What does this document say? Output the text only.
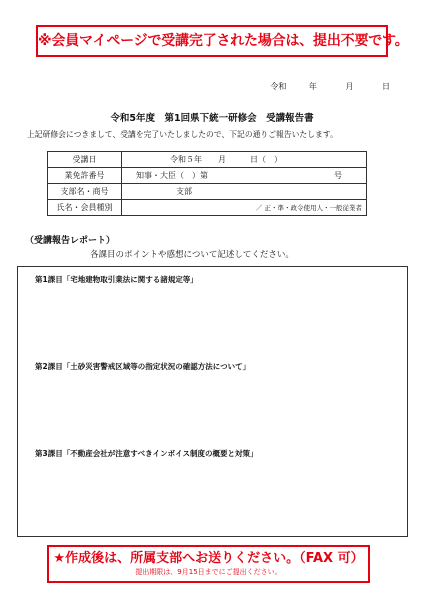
※会員マイページで受講完了された場合は、提出不要です。
令和	年	月	日
令和5年度　第1回県下統一研修会　受講報告書
上記研修会につきまして、受講を完了いたしましたので、下記の通りご報告いたします。
受講日	令和５年　　月　　　日（　）
業免許番号	知事・大臣（　）第 号

支部名・商号	支部
氏名・会員種別	／ 正・準・政令使用人・一般従業者
（受講報告レポート）
各課目のポイントや感想について記述してください。
第1課目「宅地建物取引業法に関する諸規定等」
第2課目「土砂災害警戒区域等の指定状況の確認方法について」
第3課目「不動産会社が注意すべきインボイス制度の概要と対策」
★作成後は、所属支部へお送りください。（FAX 可）
提出期限は、9月15日までにご提出ください。
